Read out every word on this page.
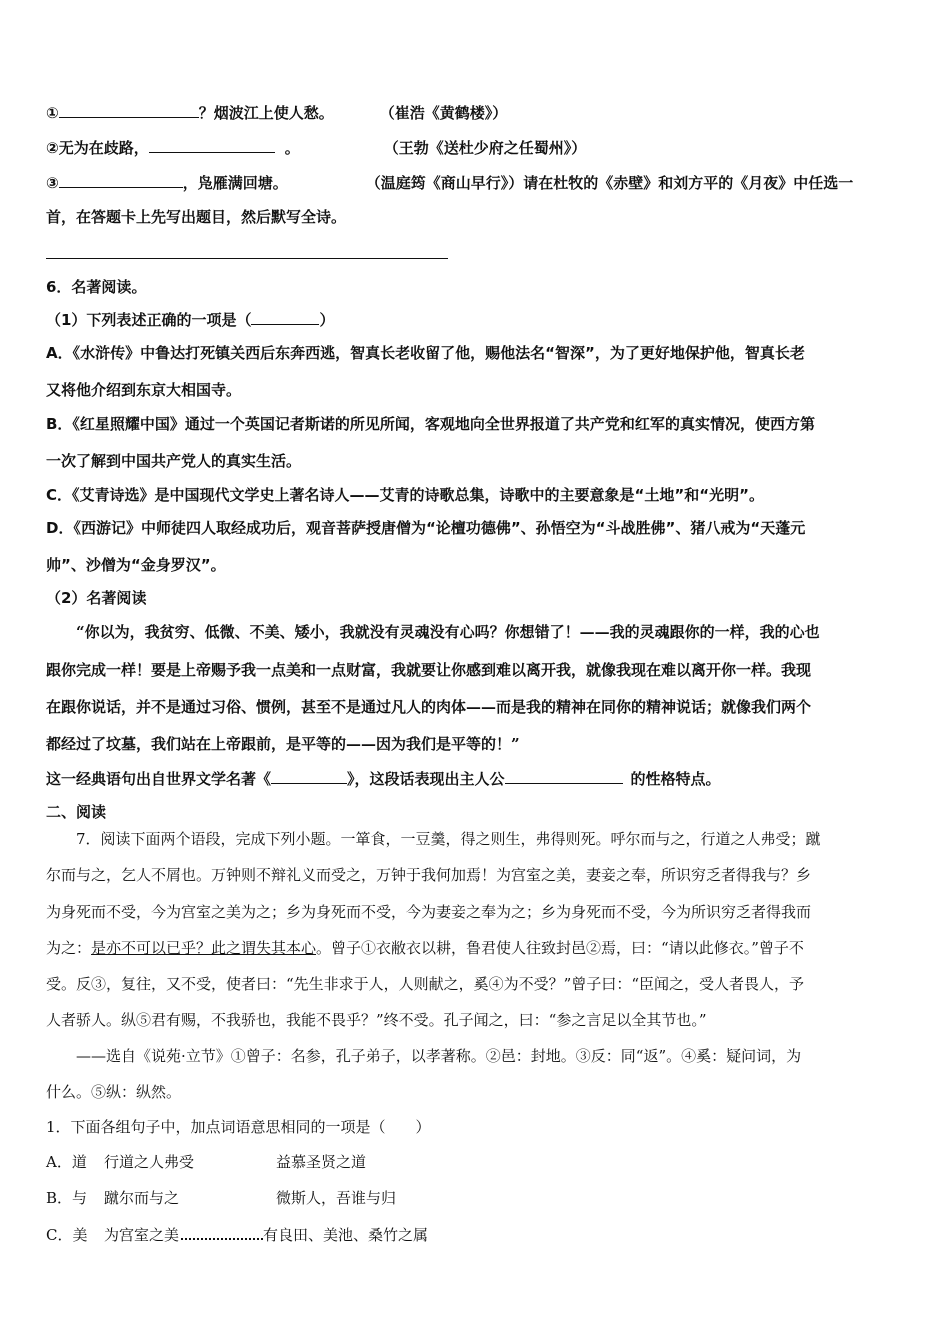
①	？烟波江上使人愁。	（崔浩《黄鹤楼》）
②无为在歧路，	。	（王勃《送杜少府之任蜀州》）
③	，凫雁满回塘。	（温庭筠《商山早行》）请在杜牧的《赤壁》和刘方平的《月夜》中任选一
首，在答题卡上先写出题目，然后默写全诗。
6．名著阅读。
（1）下列表述正确的一项是（	）
A．《水浒传》中鲁达打死镇关西后东奔西逃，智真长老收留了他，赐他法名“智深”，为了更好地保护他，智真长老
又将他介绍到东京大相国寺。
B．《红星照耀中国》通过一个英国记者斯诺的所见所闻，客观地向全世界报道了共产党和红军的真实情况，使西方第
一次了解到中国共产党人的真实生活。
C．《艾青诗选》是中国现代文学史上著名诗人——艾青的诗歌总集，诗歌中的主要意象是“土地”和“光明”。
D．《西游记》中师徒四人取经成功后，观音菩萨授唐僧为“论檀功德佛”、孙悟空为“斗战胜佛”、猪八戒为“天蓬元
帅”、沙僧为“金身罗汉”。
（2）名著阅读
“你以为，我贫穷、低微、不美、矮小，我就没有灵魂没有心吗？你想错了！——我的灵魂跟你的一样，我的心也
跟你完成一样！要是上帝赐予我一点美和一点财富，我就要让你感到难以离开我，就像我现在难以离开你一样。我现
在跟你说话，并不是通过习俗、惯例，甚至不是通过凡人的肉体——而是我的精神在同你的精神说话；就像我们两个
都经过了坟墓，我们站在上帝跟前，是平等的——因为我们是平等的！”
这一经典语句出自世界文学名著《	》，这段话表现出主人公	的性格特点。
二、阅读
7．阅读下面两个语段，完成下列小题。一箪食，一豆羹，得之则生，弗得则死。呼尔而与之，行道之人弗受；蹴
尔而与之，乞人不屑也。万钟则不辩礼义而受之，万钟于我何加焉！为宫室之美，妻妾之奉，所识穷乏者得我与？乡
为身死而不受，今为宫室之美为之；乡为身死而不受，今为妻妾之奉为之；乡为身死而不受，今为所识穷乏者得我而
为之：是亦不可以已乎？此之谓失其本心。曾子①衣敝衣以耕，鲁君使人往致封邑②焉，曰：“请以此修衣。”曾子不
受。反③，复往，又不受，使者曰：“先生非求于人，人则献之，奚④为不受？”曾子曰：“臣闻之，受人者畏人，予
人者骄人。纵⑤君有赐，不我骄也，我能不畏乎？”终不受。孔子闻之，曰：“参之言足以全其节也。”
——选自《说苑·立节》①曾子：名参，孔子弟子，以孝著称。②邑：封地。③反：同“返”。④奚：疑问词，为
什么。⑤纵：纵然。
1．下面各组句子中，加点词语意思相同的一项是（　　）
A．道 行道之人弗受	益慕圣贤之道
B．与 蹴尔而与之	微斯人，吾谁与归
C．美 为宫室之美	有良田、美池、桑竹之属
